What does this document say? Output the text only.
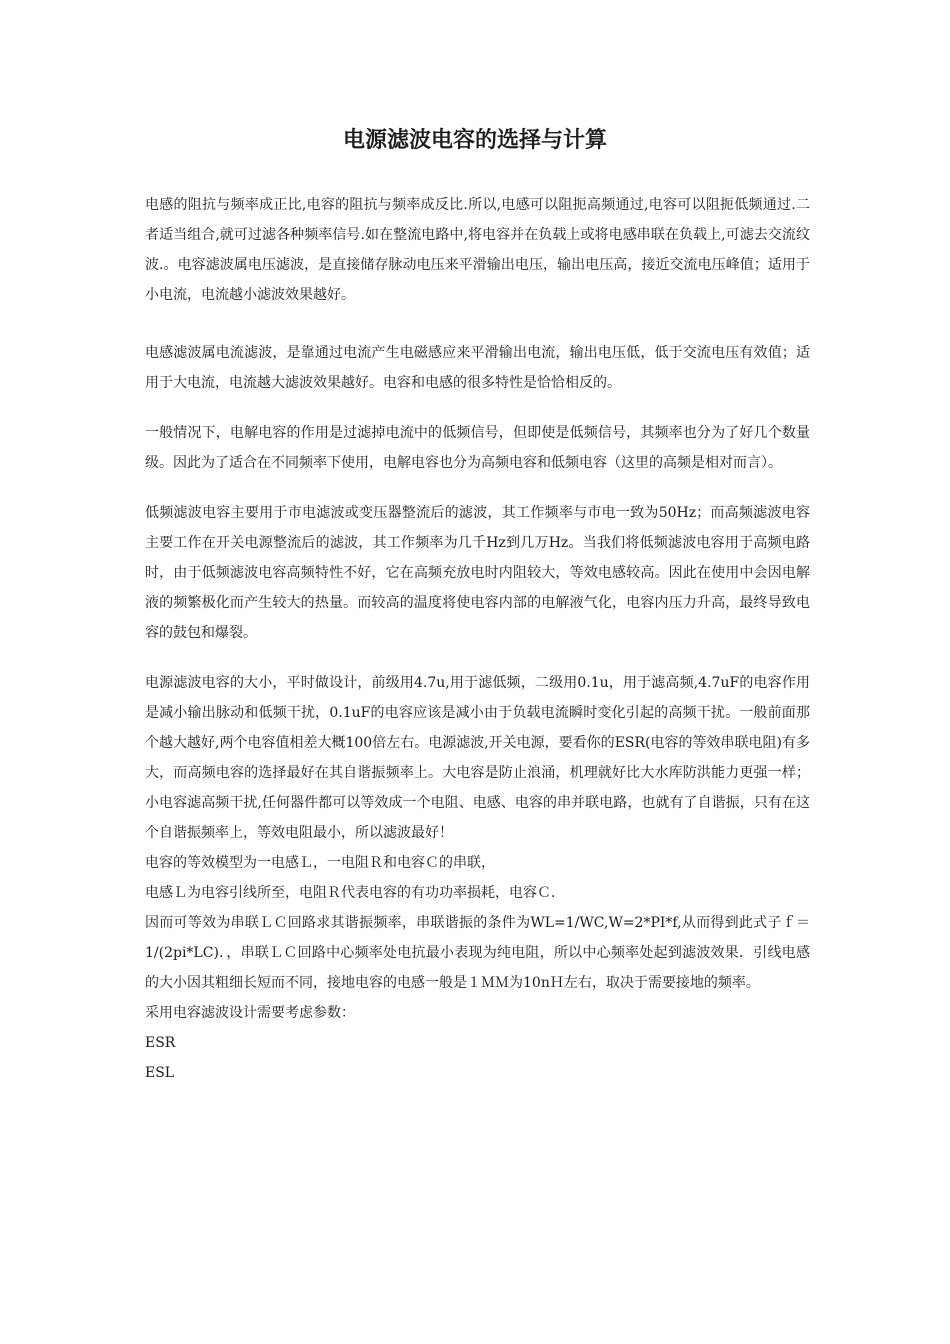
电源滤波电容的选择与计算

电感的阻抗与频率成正比,电容的阻抗与频率成反比.所以,电感可以阻扼高频通过,电容可以阻扼低频通过.二者适当组合,就可过滤各种频率信号.如在整流电路中,将电容并在负载上或将电感串联在负载上,可滤去交流纹波.。电容滤波属电压滤波，是直接储存脉动电压来平滑输出电压，输出电压高，接近交流电压峰值；适用于小电流，电流越小滤波效果越好。

电感滤波属电流滤波，是靠通过电流产生电磁感应来平滑输出电流，输出电压低，低于交流电压有效值；适用于大电流，电流越大滤波效果越好。电容和电感的很多特性是恰恰相反的。

一般情况下，电解电容的作用是过滤掉电流中的低频信号，但即使是低频信号，其频率也分为了好几个数量级。因此为了适合在不同频率下使用，电解电容也分为高频电容和低频电容（这里的高频是相对而言）。

低频滤波电容主要用于市电滤波或变压器整流后的滤波，其工作频率与市电一致为50Hz；而高频滤波电容主要工作在开关电源整流后的滤波，其工作频率为几千Hz到几万Hz。当我们将低频滤波电容用于高频电路时，由于低频滤波电容高频特性不好，它在高频充放电时内阻较大，等效电感较高。因此在使用中会因电解液的频繁极化而产生较大的热量。而较高的温度将使电容内部的电解液气化，电容内压力升高，最终导致电容的鼓包和爆裂。

电源滤波电容的大小，平时做设计，前级用4.7u,用于滤低频，二级用0.1u，用于滤高频,4.7uF的电容作用是减小输出脉动和低频干扰，0.1uF的电容应该是减小由于负载电流瞬时变化引起的高频干扰。一般前面那个越大越好,两个电容值相差大概100倍左右。电源滤波,开关电源，要看你的ESR(电容的等效串联电阻)有多大，而高频电容的选择最好在其自谐振频率上。大电容是防止浪涌，机理就好比大水库防洪能力更强一样；小电容滤高频干扰,任何器件都可以等效成一个电阻、电感、电容的串并联电路，也就有了自谐振，只有在这个自谐振频率上，等效电阻最小，所以滤波最好！

电容的等效模型为一电感Ｌ，一电阻Ｒ和电容Ｃ的串联，

电感Ｌ为电容引线所至，电阻Ｒ代表电容的有功功率损耗，电容Ｃ．

因而可等效为串联ＬＣ回路求其谐振频率，串联谐振的条件为WL=1/WC,W=2*PI*f,从而得到此式子ｆ＝1/(2pi*LC)．，串联ＬＣ回路中心频率处电抗最小表现为纯电阻，所以中心频率处起到滤波效果．引线电感的大小因其粗细长短而不同，接地电容的电感一般是１ＭＭ为10nＨ左右，取决于需要接地的频率。

采用电容滤波设计需要考虑参数：

ESR

ESL
